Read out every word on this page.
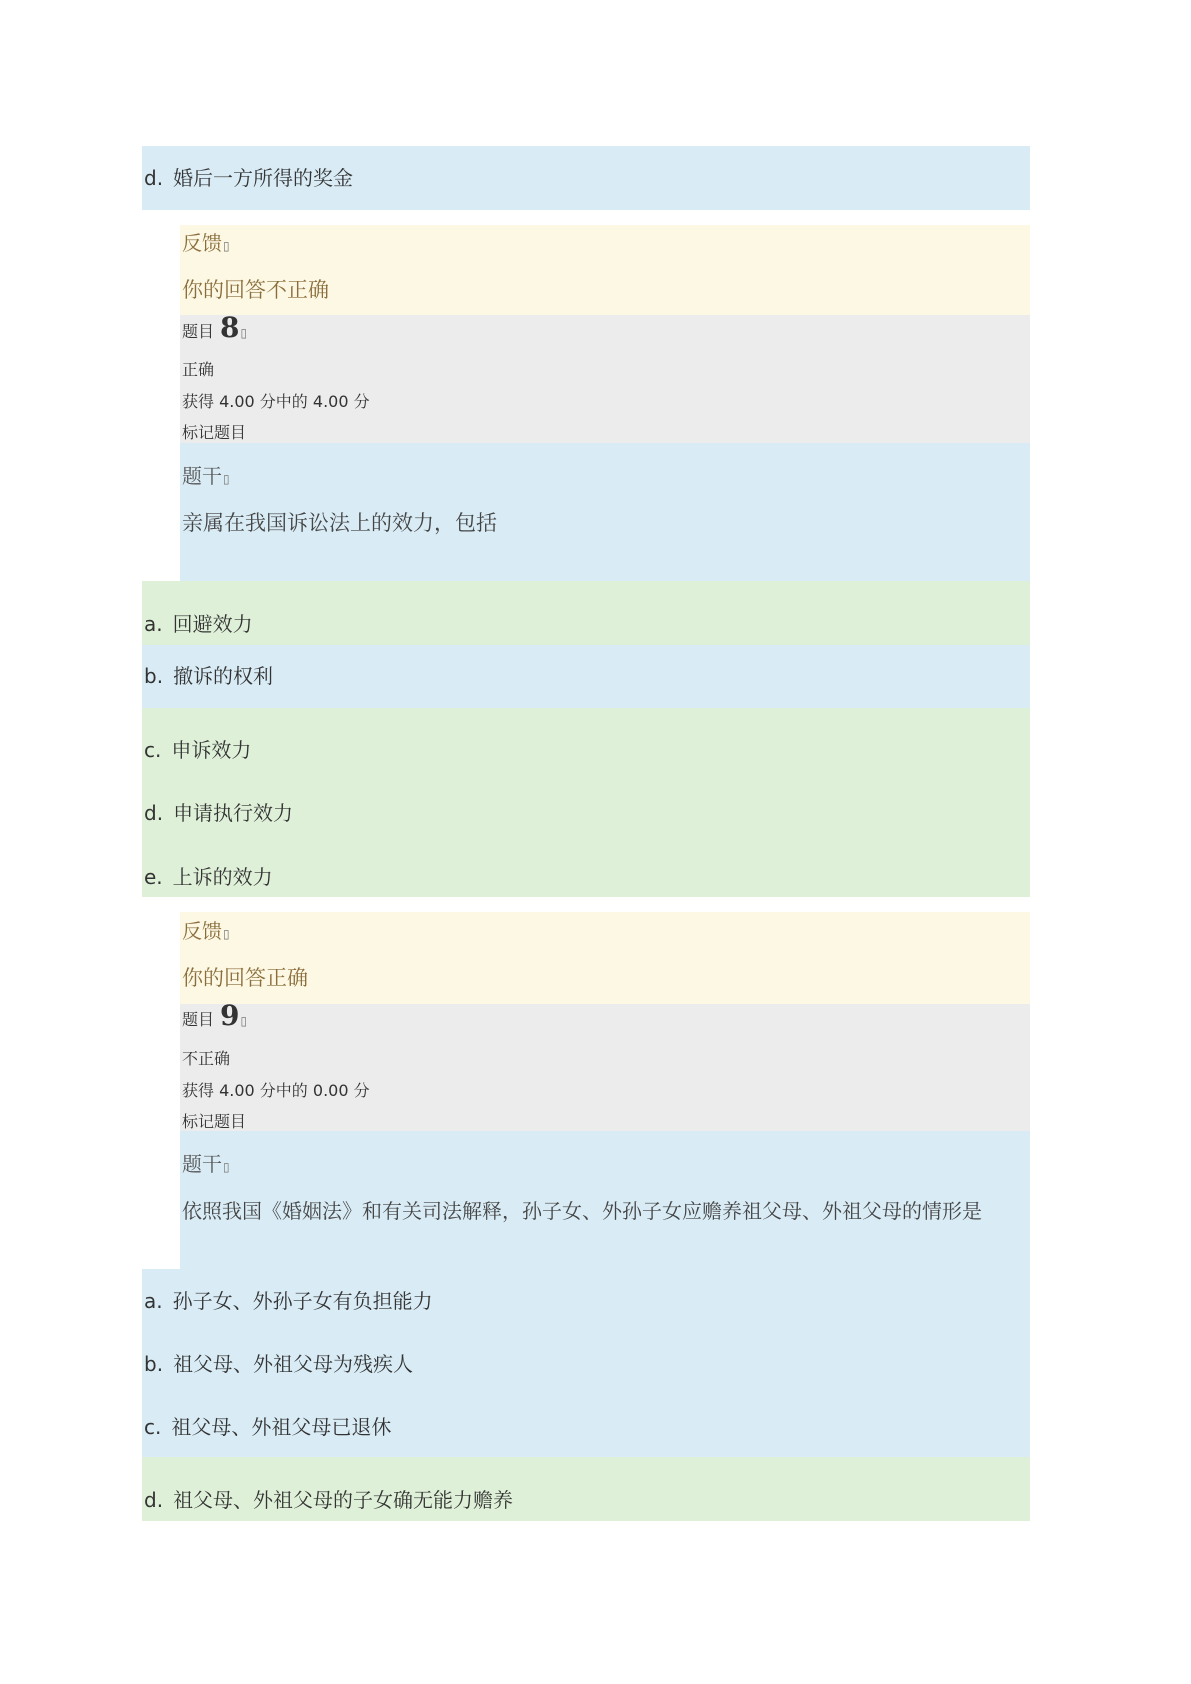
d. 婚后一方所得的奖金
反馈▯
你的回答不正确
题目 8▯
正确
获得 4.00 分中的 4.00 分
标记题目
题干▯
亲属在我国诉讼法上的效力，包括
a. 回避效力
b. 撤诉的权利
c. 申诉效力
d. 申请执行效力
e. 上诉的效力
反馈▯
你的回答正确
题目 9▯
不正确
获得 4.00 分中的 0.00 分
标记题目
题干▯
依照我国《婚姻法》和有关司法解释，孙子女、外孙子女应赡养祖父母、外祖父母的情形是
a. 孙子女、外孙子女有负担能力
b. 祖父母、外祖父母为残疾人
c. 祖父母、外祖父母已退休
d. 祖父母、外祖父母的子女确无能力赡养
